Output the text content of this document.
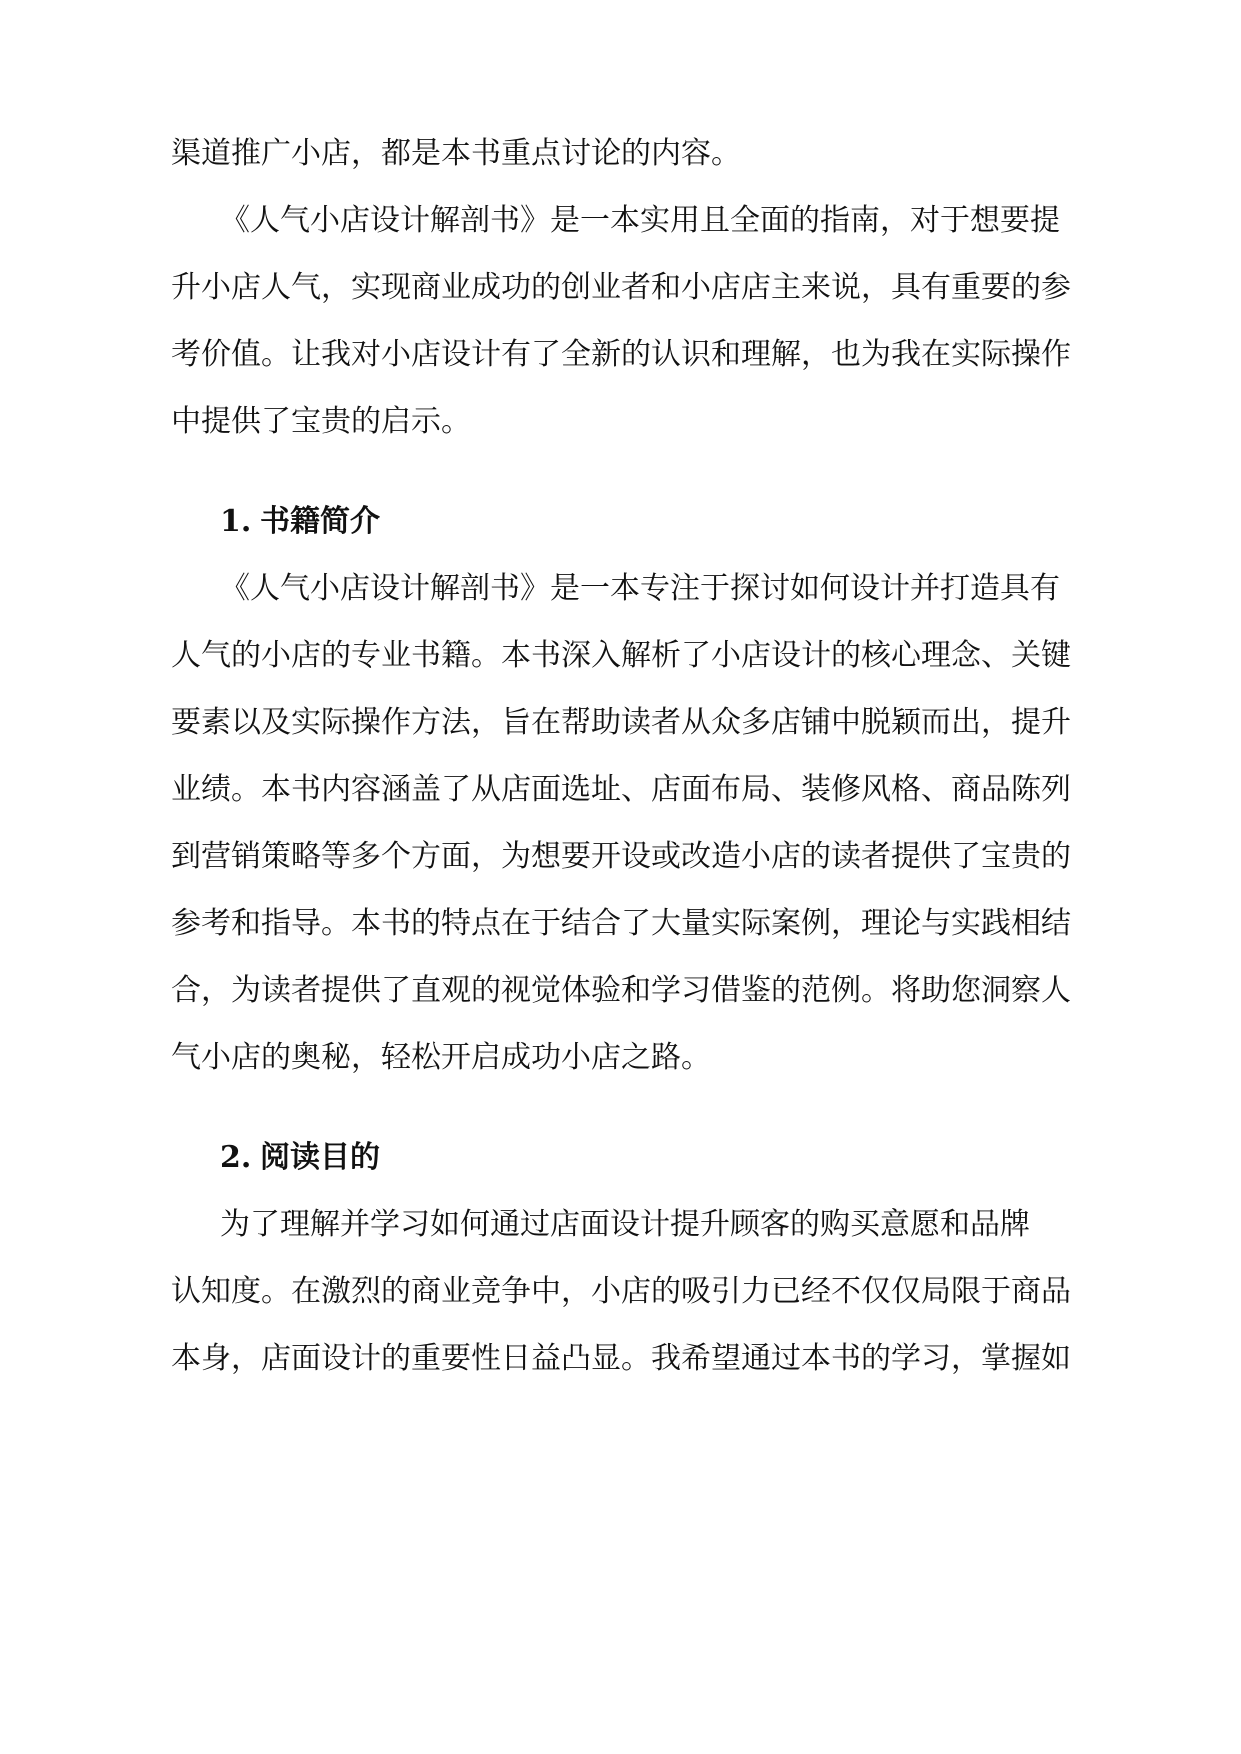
渠道推广小店，都是本书重点讨论的内容。
《人气小店设计解剖书》是一本实用且全面的指南，对于想要提
升小店人气，实现商业成功的创业者和小店店主来说，具有重要的参
考价值。让我对小店设计有了全新的认识和理解，也为我在实际操作
中提供了宝贵的启示。
1. 书籍简介
《人气小店设计解剖书》是一本专注于探讨如何设计并打造具有
人气的小店的专业书籍。本书深入解析了小店设计的核心理念、关键
要素以及实际操作方法，旨在帮助读者从众多店铺中脱颖而出，提升
业绩。本书内容涵盖了从店面选址、店面布局、装修风格、商品陈列
到营销策略等多个方面，为想要开设或改造小店的读者提供了宝贵的
参考和指导。本书的特点在于结合了大量实际案例，理论与实践相结
合，为读者提供了直观的视觉体验和学习借鉴的范例。将助您洞察人
气小店的奥秘，轻松开启成功小店之路。
2. 阅读目的
为了理解并学习如何通过店面设计提升顾客的购买意愿和品牌
认知度。在激烈的商业竞争中，小店的吸引力已经不仅仅局限于商品
本身，店面设计的重要性日益凸显。我希望通过本书的学习，掌握如
